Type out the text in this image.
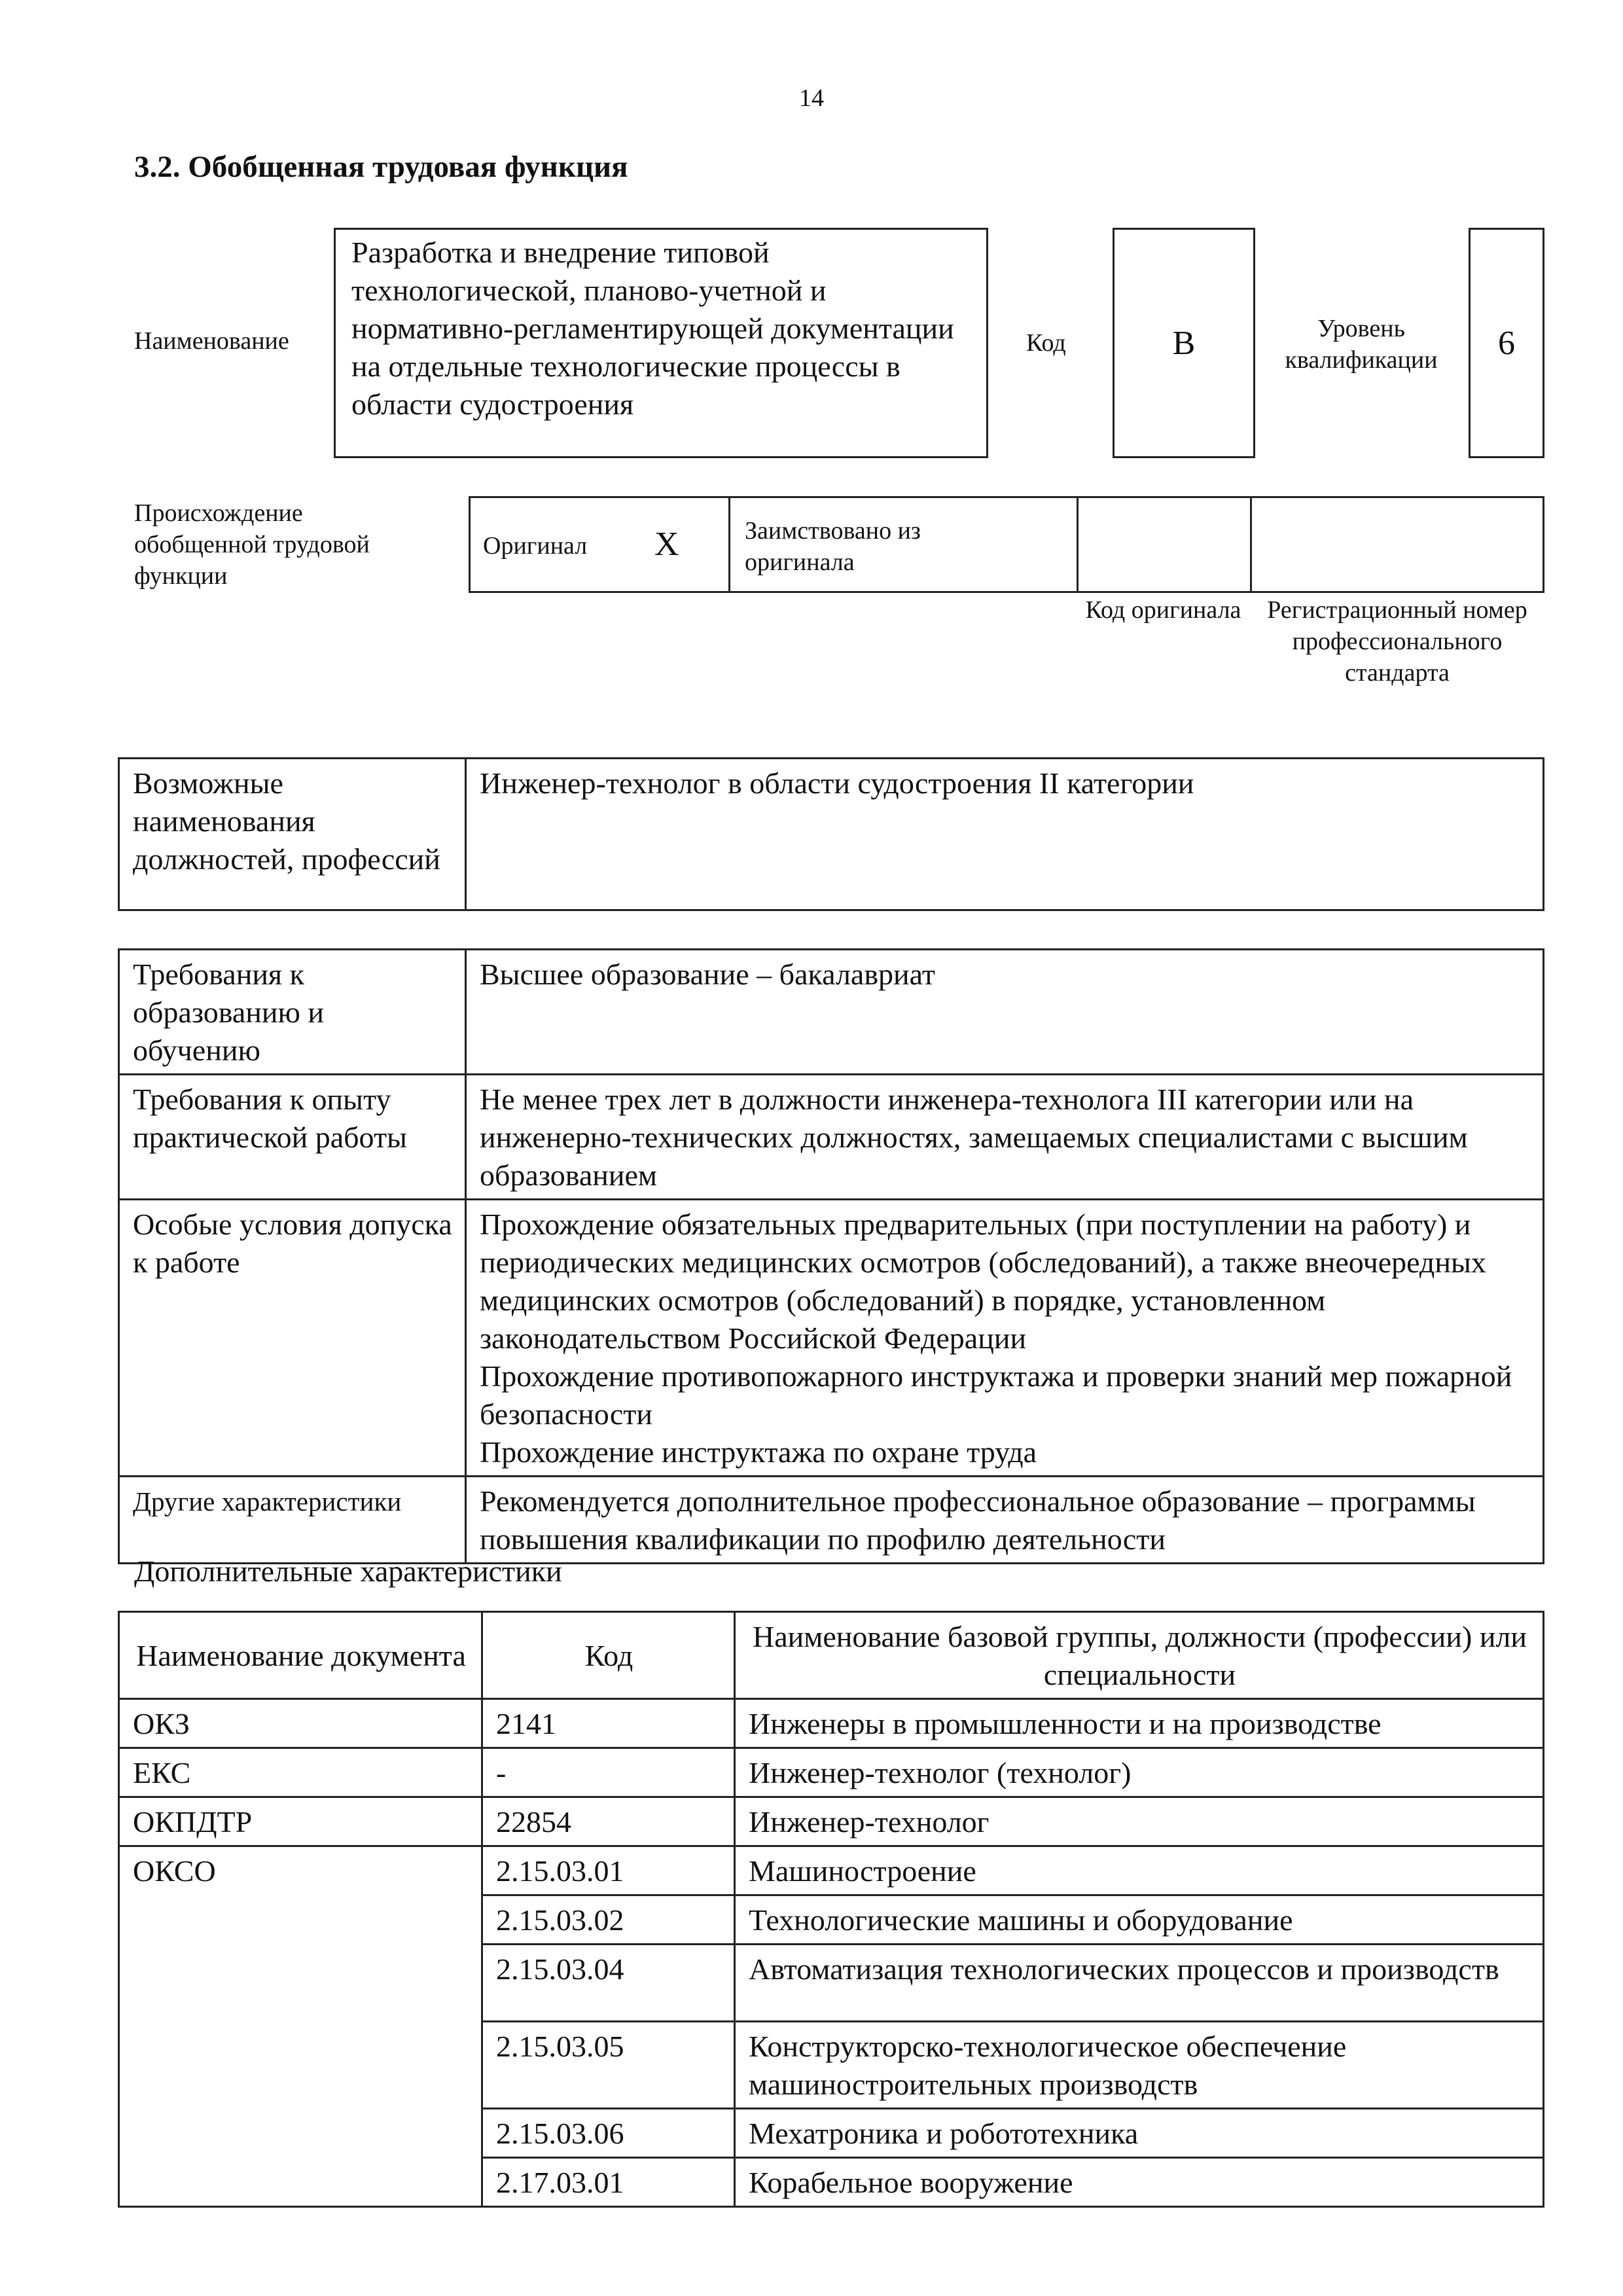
14
3.2. Обобщенная трудовая функция
Наименование
Разработка и внедрение типовой технологической, планово-учетной и нормативно-регламентирующей документации на отдельные технологические процессы в области судостроения
Код	B	Уровень квалификации	6
Происхождение обобщенной трудовой функции
Оригинал X	Заимствовано из оригинала
Код оригинала	Регистрационный номер профессионального стандарта
Возможные наименования должностей, профессий	Инженер-технолог в области судостроения II категории
Требования к образованию и обучению	Высшее образование – бакалавриат
Требования к опыту практической работы	Не менее трех лет в должности инженера-технолога III категории или на инженерно-технических должностях, замещаемых специалистами с высшим образованием
Особые условия допуска к работе	Прохождение обязательных предварительных (при поступлении на работу) и периодических медицинских осмотров (обследований), а также внеочередных медицинских осмотров (обследований) в порядке, установленном законодательством Российской Федерации
Прохождение противопожарного инструктажа и проверки знаний мер пожарной безопасности
Прохождение инструктажа по охране труда

Другие характеристики	Рекомендуется дополнительное профессиональное образование – программы повышения квалификации по профилю деятельности
Дополнительные характеристики
Наименование документа	Код	Наименование базовой группы, должности (профессии) или специальности
ОКЗ	2141	Инженеры в промышленности и на производстве
ЕКС	-	Инженер-технолог (технолог)
ОКПДТР	22854	Инженер-технолог
ОКСО	2.15.03.01	Машиностроение
	2.15.03.02	Технологические машины и оборудование
	2.15.03.04	Автоматизация технологических процессов и производств
	2.15.03.05	Конструкторско-технологическое обеспечение машиностроительных производств
	2.15.03.06	Мехатроника и робототехника
	2.17.03.01	Корабельное вооружение
